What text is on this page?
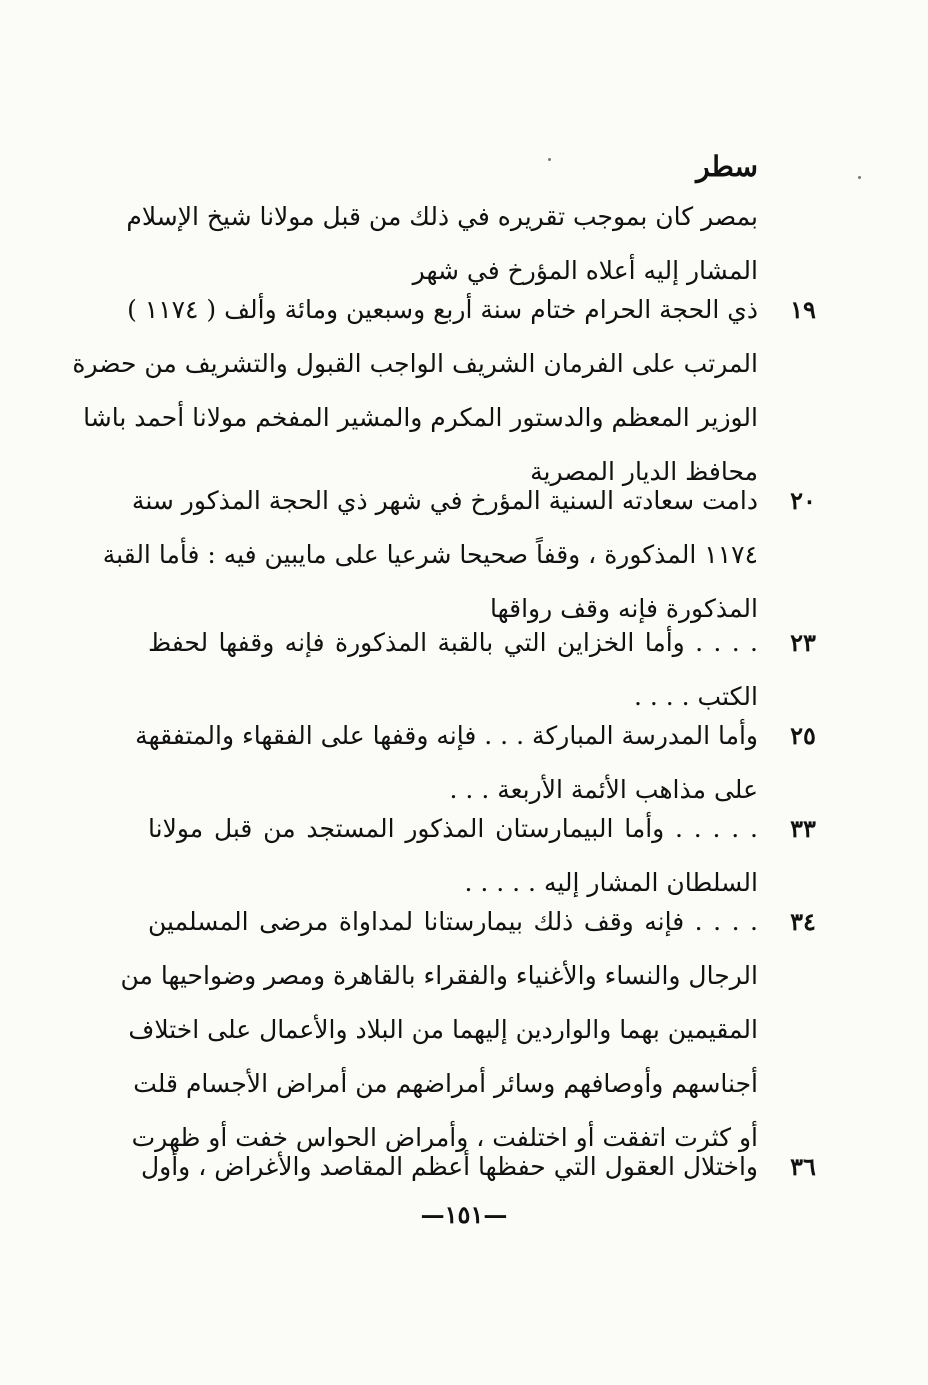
سطر
بمصر كان بموجب تقريره في ذلك من قبل مولانا شيخ الإسلام
المشار إليه أعلاه المؤرخ في شهر
١٩
ذي الحجة الحرام ختام سنة أربع وسبعين ومائة وألف ( ١١٧٤ )
المرتب على الفرمان الشريف الواجب القبول والتشريف من حضرة
الوزير المعظم والدستور المكرم والمشير المفخم مولانا أحمد باشا
محافظ الديار المصرية
٢٠
دامت سعادته السنية المؤرخ في شهر ذي الحجة المذكور سنة
١١٧٤ المذكورة ، وقفاً صحيحا شرعيا على مايبين فيه : فأما القبة
المذكورة فإنه وقف رواقها
٢٣
. . . . وأما الخزاين التي بالقبة المذكورة فإنه وقفها لحفظ
الكتب . . . .
٢٥
وأما المدرسة المباركة . . . فإنه وقفها على الفقهاء والمتفقهة
على مذاهب الأئمة الأربعة . . .
٣٣
. . . . . وأما البيمارستان المذكور المستجد من قبل مولانا
السلطان المشار إليه . . . . .
٣٤
. . . . فإنه وقف ذلك بيمارستانا لمداواة مرضى المسلمين
الرجال والنساء والأغنياء والفقراء بالقاهرة ومصر وضواحيها من
المقيمين بهما والواردين إليهما من البلاد والأعمال على اختلاف
أجناسهم وأوصافهم وسائر أمراضهم من أمراض الأجسام قلت
أو كثرت اتفقت أو اختلفت ، وأمراض الحواس خفت أو ظهرت
٣٦
واختلال العقول التي حفظها أعظم المقاصد والأغراض ، وأول
—١٥١—
